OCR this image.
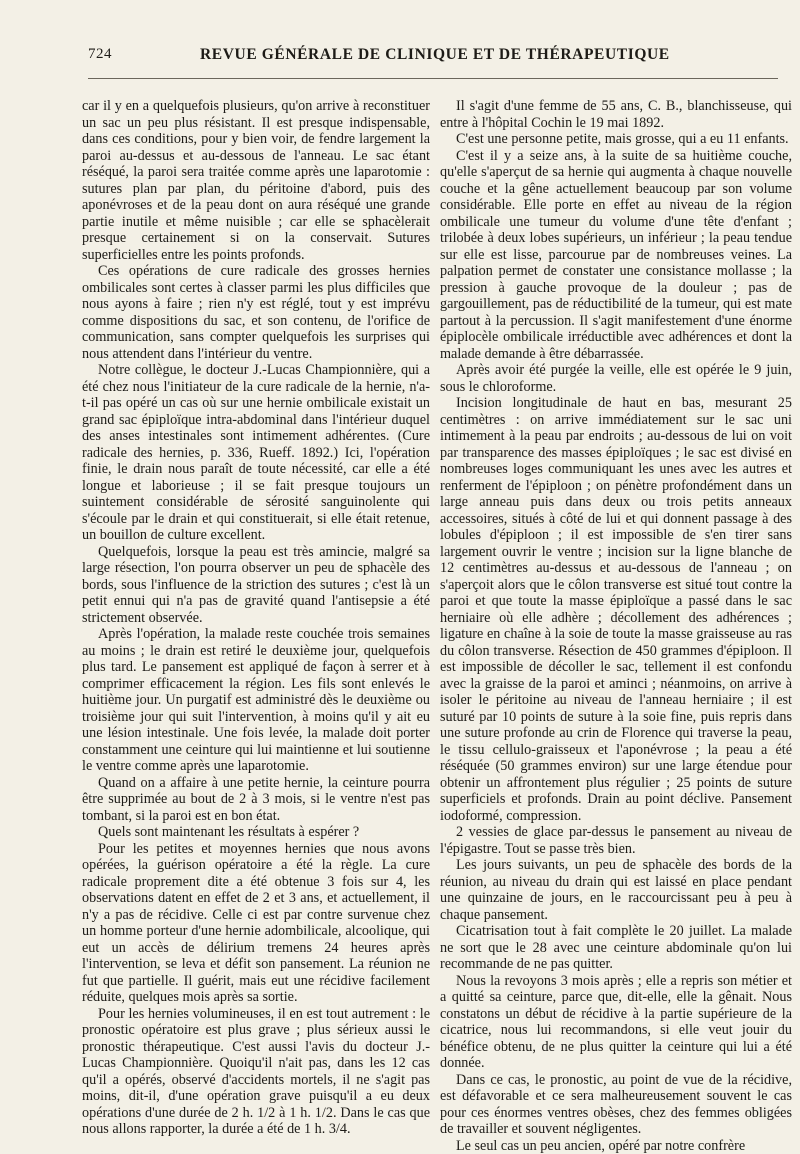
724	REVUE GÉNÉRALE DE CLINIQUE ET DE THÉRAPEUTIQUE

car il y en a quelquefois plusieurs, qu'on arrive à reconstituer un sac un peu plus résistant. Il est presque indispensable, dans ces conditions, pour y bien voir, de fendre largement la paroi au-dessus et au-dessous de l'anneau. Le sac étant réséqué, la paroi sera traitée comme après une laparotomie : sutures plan par plan, du péritoine d'abord, puis des aponévroses et de la peau dont on aura réséqué une grande partie inutile et même nuisible ; car elle se sphacèlerait presque certainement si on la conservait. Sutures superficielles entre les points profonds.

Ces opérations de cure radicale des grosses hernies ombilicales sont certes à classer parmi les plus difficiles que nous ayons à faire ; rien n'y est réglé, tout y est imprévu comme dispositions du sac, et son contenu, de l'orifice de communication, sans compter quelquefois les surprises qui nous attendent dans l'intérieur du ventre.

Notre collègue, le docteur J.-Lucas Championnière, qui a été chez nous l'initiateur de la cure radicale de la hernie, n'a-t-il pas opéré un cas où sur une hernie ombilicale existait un grand sac épiploïque intra-abdominal dans l'intérieur duquel des anses intestinales sont intimement adhérentes. (Cure radicale des hernies, p. 336, Rueff. 1892.) Ici, l'opération finie, le drain nous paraît de toute nécessité, car elle a été longue et laborieuse ; il se fait presque toujours un suintement considérable de sérosité sanguinolente qui s'écoule par le drain et qui constituerait, si elle était retenue, un bouillon de culture excellent.

Quelquefois, lorsque la peau est très amincie, malgré sa large résection, l'on pourra observer un peu de sphacèle des bords, sous l'influence de la striction des sutures ; c'est là un petit ennui qui n'a pas de gravité quand l'antisepsie a été strictement observée.

Après l'opération, la malade reste couchée trois semaines au moins ; le drain est retiré le deuxième jour, quelquefois plus tard. Le pansement est appliqué de façon à serrer et à comprimer efficacement la région. Les fils sont enlevés le huitième jour. Un purgatif est administré dès le deuxième ou troisième jour qui suit l'intervention, à moins qu'il y ait eu une lésion intestinale. Une fois levée, la malade doit porter constamment une ceinture qui lui maintienne et lui soutienne le ventre comme après une laparotomie.

Quand on a affaire à une petite hernie, la ceinture pourra être supprimée au bout de 2 à 3 mois, si le ventre n'est pas tombant, si la paroi est en bon état.

Quels sont maintenant les résultats à espérer ?

Pour les petites et moyennes hernies que nous avons opérées, la guérison opératoire a été la règle. La cure radicale proprement dite a été obtenue 3 fois sur 4, les observations datent en effet de 2 et 3 ans, et actuellement, il n'y a pas de récidive. Celle ci est par contre survenue chez un homme porteur d'une hernie adombilicale, alcoolique, qui eut un accès de délirium tremens 24 heures après l'intervention, se leva et défit son pansement. La réunion ne fut que partielle. Il guérit, mais eut une récidive facilement réduite, quelques mois après sa sortie.

Pour les hernies volumineuses, il en est tout autrement : le pronostic opératoire est plus grave ; plus sérieux aussi le pronostic thérapeutique. C'est aussi l'avis du docteur J.-Lucas Championnière. Quoiqu'il n'ait pas, dans les 12 cas qu'il a opérés, observé d'accidents mortels, il ne s'agit pas moins, dit-il, d'une opération grave puisqu'il a eu deux opérations d'une durée de 2 h. 1/2 à 1 h. 1/2. Dans le cas que nous allons rapporter, la durée a été de 1 h. 3/4.

Il s'agit d'une femme de 55 ans, C. B., blanchisseuse, qui entre à l'hôpital Cochin le 19 mai 1892.

C'est une personne petite, mais grosse, qui a eu 11 enfants.

C'est il y a seize ans, à la suite de sa huitième couche, qu'elle s'aperçut de sa hernie qui augmenta à chaque nouvelle couche et la gêne actuellement beaucoup par son volume considérable. Elle porte en effet au niveau de la région ombilicale une tumeur du volume d'une tête d'enfant ; trilobée à deux lobes supérieurs, un inférieur ; la peau tendue sur elle est lisse, parcourue par de nombreuses veines. La palpation permet de constater une consistance mollasse ; la pression à gauche provoque de la douleur ; pas de gargouillement, pas de réductibilité de la tumeur, qui est mate partout à la percussion. Il s'agit manifestement d'une énorme épiplocèle ombilicale irréductible avec adhérences et dont la malade demande à être débarrassée.

Après avoir été purgée la veille, elle est opérée le 9 juin, sous le chloroforme.

Incision longitudinale de haut en bas, mesurant 25 centimètres : on arrive immédiatement sur le sac uni intimement à la peau par endroits ; au-dessous de lui on voit par transparence des masses épiploïques ; le sac est divisé en nombreuses loges communiquant les unes avec les autres et renferment de l'épiploon ; on pénètre profondément dans un large anneau puis dans deux ou trois petits anneaux accessoires, situés à côté de lui et qui donnent passage à des lobules d'épiploon ; il est impossible de s'en tirer sans largement ouvrir le ventre ; incision sur la ligne blanche de 12 centimètres au-dessus et au-dessous de l'anneau ; on s'aperçoit alors que le côlon transverse est situé tout contre la paroi et que toute la masse épiploïque a passé dans le sac herniaire où elle adhère ; décollement des adhérences ; ligature en chaîne à la soie de toute la masse graisseuse au ras du côlon transverse. Résection de 450 grammes d'épiploon. Il est impossible de décoller le sac, tellement il est confondu avec la graisse de la paroi et aminci ; néanmoins, on arrive à isoler le péritoine au niveau de l'anneau herniaire ; il est suturé par 10 points de suture à la soie fine, puis repris dans une suture profonde au crin de Florence qui traverse la peau, le tissu cellulo-graisseux et l'aponévrose ; la peau a été réséquée (50 grammes environ) sur une large étendue pour obtenir un affrontement plus régulier ; 25 points de suture superficiels et profonds. Drain au point déclive. Pansement iodoformé, compression.

2 vessies de glace par-dessus le pansement au niveau de l'épigastre. Tout se passe très bien.

Les jours suivants, un peu de sphacèle des bords de la réunion, au niveau du drain qui est laissé en place pendant une quinzaine de jours, en le raccourcissant peu à peu à chaque pansement.

Cicatrisation tout à fait complète le 20 juillet. La malade ne sort que le 28 avec une ceinture abdominale qu'on lui recommande de ne pas quitter.

Nous la revoyons 3 mois après ; elle a repris son métier et a quitté sa ceinture, parce que, dit-elle, elle la gênait. Nous constatons un début de récidive à la partie supérieure de la cicatrice, nous lui recommandons, si elle veut jouir du bénéfice obtenu, de ne plus quitter la ceinture qui lui a été donnée.

Dans ce cas, le pronostic, au point de vue de la récidive, est défavorable et ce sera malheureusement souvent le cas pour ces énormes ventres obèses, chez des femmes obligées de travailler et souvent négligentes.

Le seul cas un peu ancien, opéré par notre confrère
